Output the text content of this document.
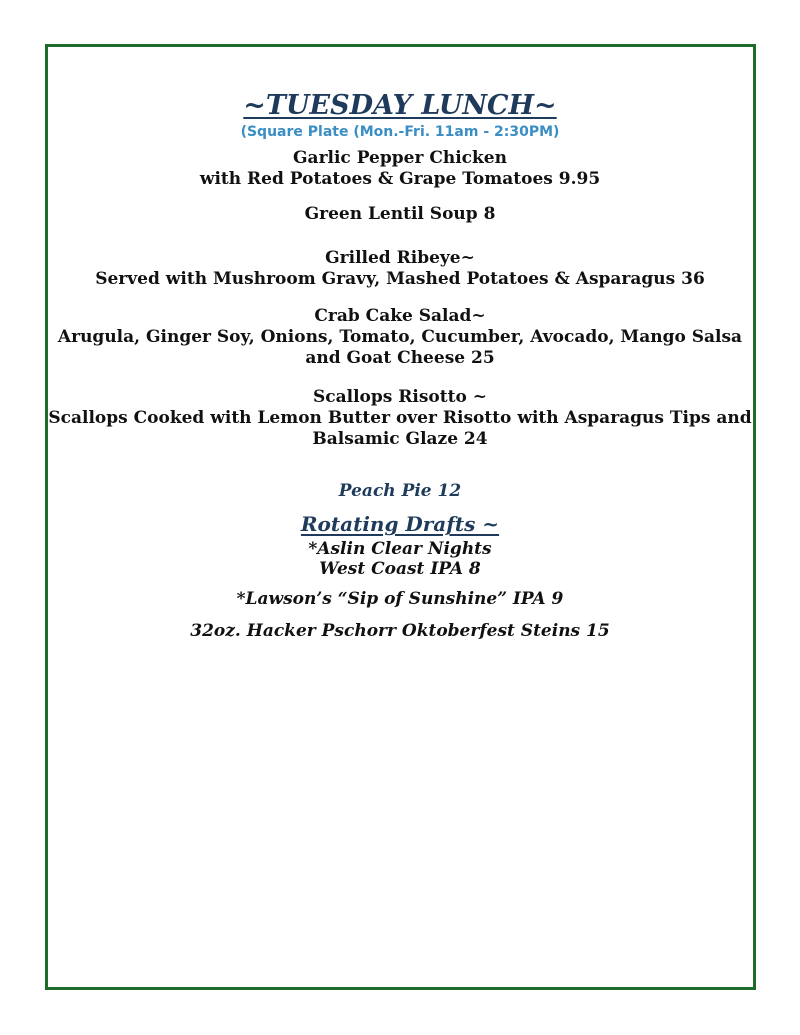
~TUESDAY LUNCH~
(Square Plate (Mon.-Fri. 11am - 2:30PM)
Garlic Pepper Chicken
with Red Potatoes & Grape Tomatoes 9.95
Green Lentil Soup 8
Grilled Ribeye~
Served with Mushroom Gravy, Mashed Potatoes & Asparagus 36
Crab Cake Salad~
Arugula, Ginger Soy, Onions, Tomato, Cucumber, Avocado, Mango Salsa
and Goat Cheese 25
Scallops Risotto ~
Scallops Cooked with Lemon Butter over Risotto with Asparagus Tips and
Balsamic Glaze 24
Peach Pie 12
Rotating Drafts ~
*Aslin Clear Nights
West Coast IPA 8
*Lawson’s “Sip of Sunshine” IPA 9
32oz. Hacker Pschorr Oktoberfest Steins 15
